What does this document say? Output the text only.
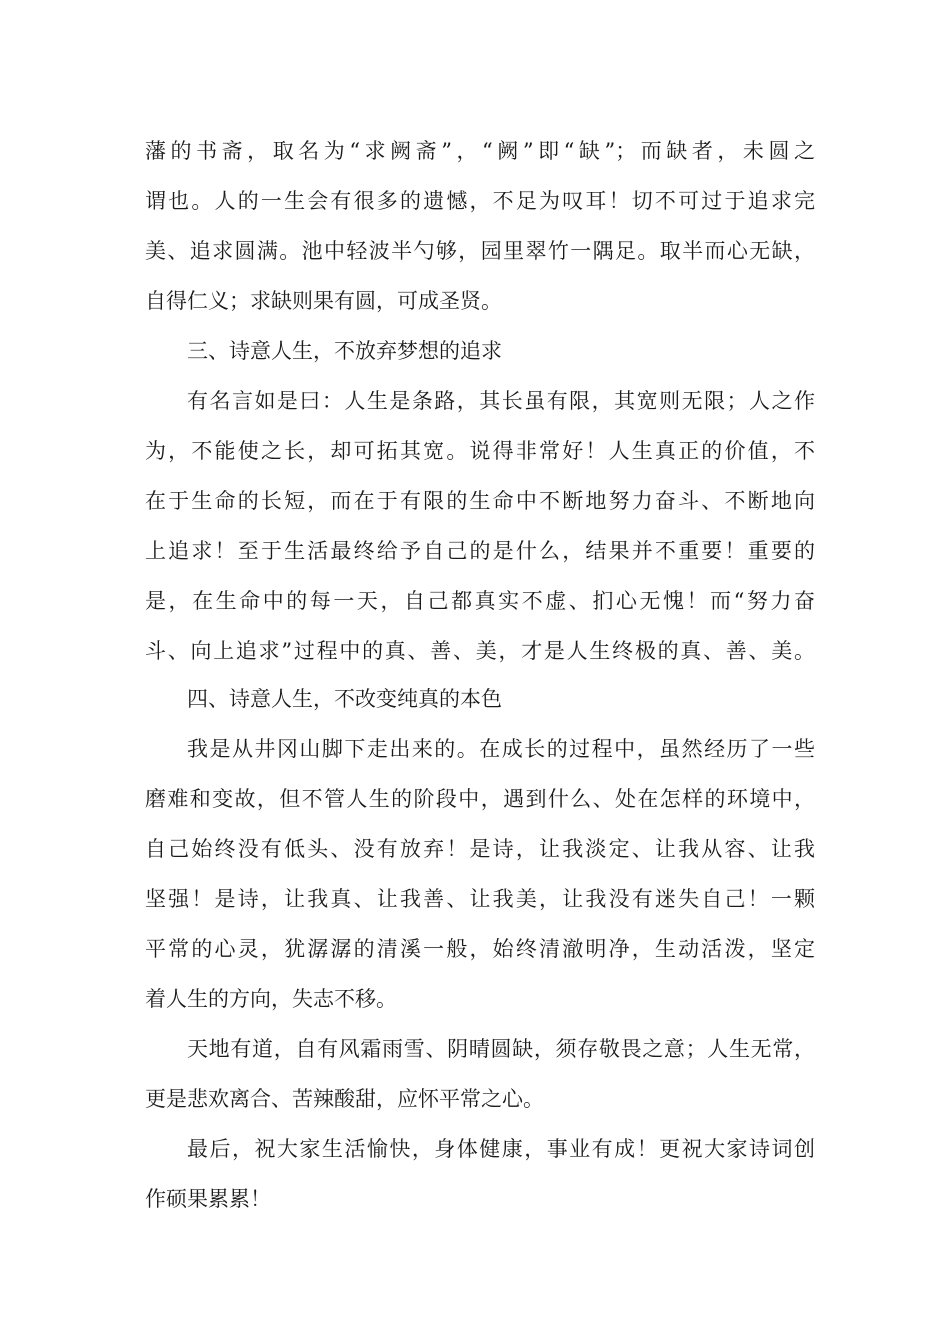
藩的书斋，取名为“求阙斋”，“阙”即“缺”；而缺者，未圆之
谓也。人的一生会有很多的遗憾，不足为叹耳！切不可过于追求完
美、追求圆满。池中轻波半勺够，园里翠竹一隅足。取半而心无缺，
自得仁义；求缺则果有圆，可成圣贤。
三、诗意人生，不放弃梦想的追求
有名言如是曰：人生是条路，其长虽有限，其宽则无限；人之作
为，不能使之长，却可拓其宽。说得非常好！人生真正的价值，不
在于生命的长短，而在于有限的生命中不断地努力奋斗、不断地向
上追求！至于生活最终给予自己的是什么，结果并不重要！重要的
是，在生命中的每一天，自己都真实不虚、扪心无愧！而“努力奋
斗、向上追求”过程中的真、善、美，才是人生终极的真、善、美。
四、诗意人生，不改变纯真的本色
我是从井冈山脚下走出来的。在成长的过程中，虽然经历了一些
磨难和变故，但不管人生的阶段中，遇到什么、处在怎样的环境中，
自己始终没有低头、没有放弃！是诗，让我淡定、让我从容、让我
坚强！是诗，让我真、让我善、让我美，让我没有迷失自己！一颗
平常的心灵，犹潺潺的清溪一般，始终清澈明净，生动活泼，坚定
着人生的方向，失志不移。
天地有道，自有风霜雨雪、阴晴圆缺，须存敬畏之意；人生无常，
更是悲欢离合、苦辣酸甜，应怀平常之心。
最后，祝大家生活愉快，身体健康，事业有成！更祝大家诗词创
作硕果累累！
